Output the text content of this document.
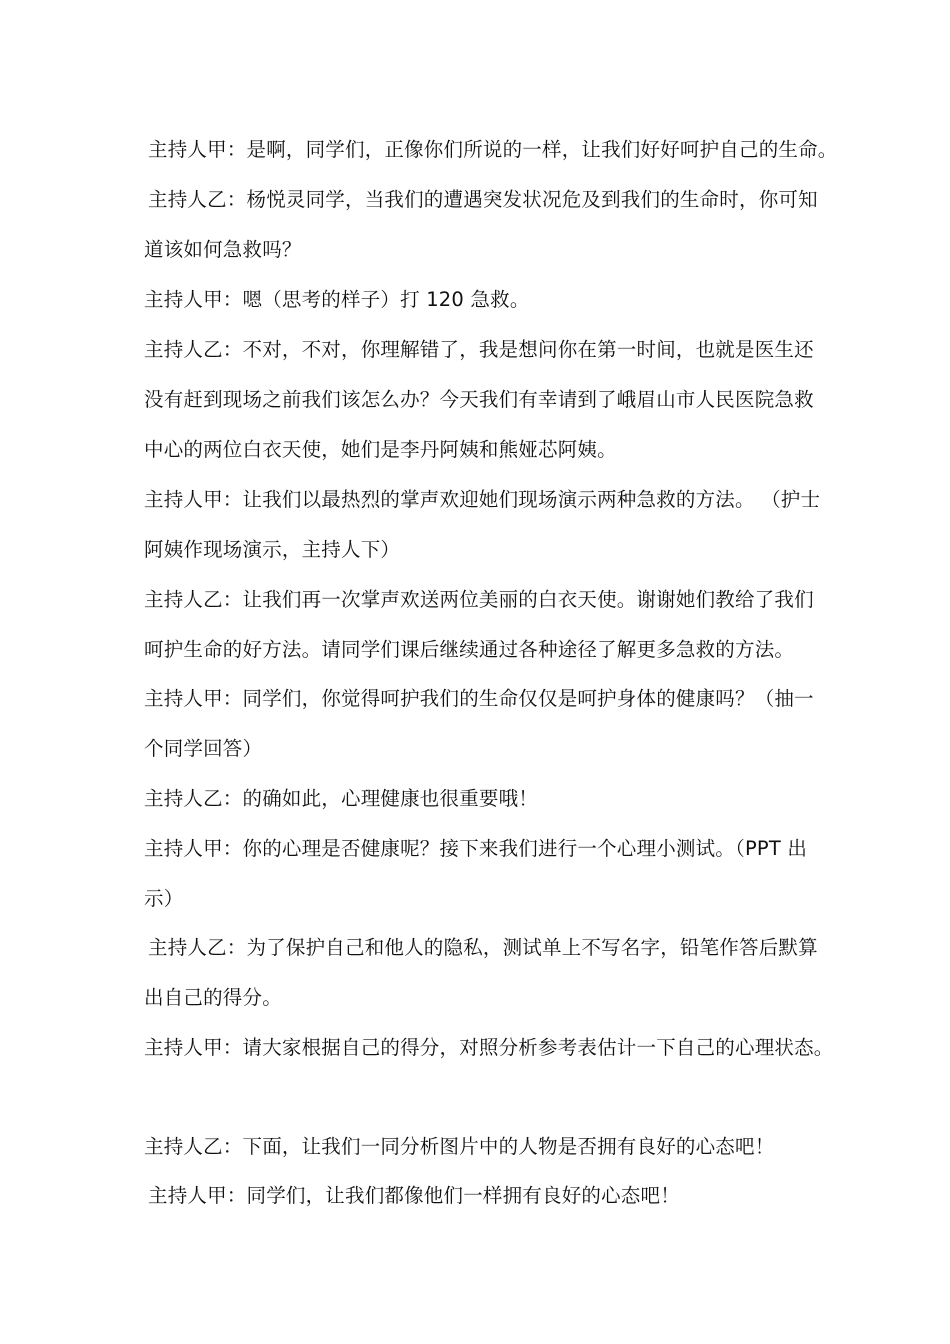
主持人甲：是啊，同学们，正像你们所说的一样，让我们好好呵护自己的生命。
主持人乙：杨悦灵同学，当我们的遭遇突发状况危及到我们的生命时，你可知
道该如何急救吗？
主持人甲：嗯（思考的样子）打 120 急救。
主持人乙：不对，不对，你理解错了，我是想问你在第一时间，也就是医生还
没有赶到现场之前我们该怎么办？今天我们有幸请到了峨眉山市人民医院急救
中心的两位白衣天使，她们是李丹阿姨和熊娅芯阿姨。
主持人甲：让我们以最热烈的掌声欢迎她们现场演示两种急救的方法。 （护士
阿姨作现场演示，主持人下）
主持人乙：让我们再一次掌声欢送两位美丽的白衣天使。谢谢她们教给了我们
呵护生命的好方法。请同学们课后继续通过各种途径了解更多急救的方法。
主持人甲：同学们，你觉得呵护我们的生命仅仅是呵护身体的健康吗？（抽一
个同学回答）
主持人乙：的确如此，心理健康也很重要哦！
主持人甲：你的心理是否健康呢？接下来我们进行一个心理小测试。（PPT 出
示）
主持人乙：为了保护自己和他人的隐私，测试单上不写名字，铅笔作答后默算
出自己的得分。
主持人甲：请大家根据自己的得分，对照分析参考表估计一下自己的心理状态。
主持人乙：下面，让我们一同分析图片中的人物是否拥有良好的心态吧！
主持人甲：同学们，让我们都像他们一样拥有良好的心态吧！
